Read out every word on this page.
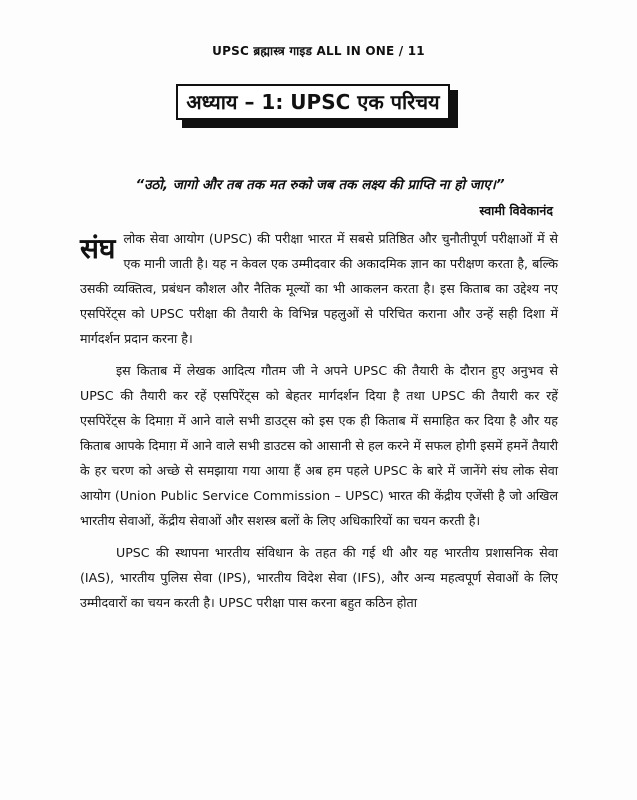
UPSC ब्रह्मास्त्र गाइड ALL IN ONE / 11
अध्याय – 1: UPSC एक परिचय
“उठो, जागो और तब तक मत रुको जब तक लक्ष्य की प्राप्ति ना हो जाए।”
स्वामी विवेकानंद

संघ लोक सेवा आयोग (UPSC) की परीक्षा भारत में सबसे प्रतिष्ठित और चुनौतीपूर्ण परीक्षाओं में से एक मानी जाती है। यह न केवल एक उम्मीदवार की अकादमिक ज्ञान का परीक्षण करता है, बल्कि उसकी व्यक्तित्व, प्रबंधन कौशल और नैतिक मूल्यों का भी आकलन करता है। इस किताब का उद्देश्य नए एसपिरेंट्स को UPSC परीक्षा की तैयारी के विभिन्न पहलुओं से परिचित कराना और उन्हें सही दिशा में मार्गदर्शन प्रदान करना है।

इस किताब में लेखक आदित्य गौतम जी ने अपने UPSC की तैयारी के दौरान हुए अनुभव से UPSC की तैयारी कर रहें एसपिरेंट्स को बेहतर मार्गदर्शन दिया है तथा UPSC की तैयारी कर रहें एसपिरेंट्स के दिमाग़ में आने वाले सभी डाउट्स को इस एक ही किताब में समाहित कर दिया है और यह किताब आपके दिमाग़ में आने वाले सभी डाउटस को आसानी से हल करने में सफल होगी इसमें हमनें तैयारी के हर चरण को अच्छे से समझाया गया आया हैं अब हम पहले UPSC के बारे में जानेंगे संघ लोक सेवा आयोग (Union Public Service Commission – UPSC) भारत की केंद्रीय एजेंसी है जो अखिल भारतीय सेवाओं, केंद्रीय सेवाओं और सशस्त्र बलों के लिए अधिकारियों का चयन करती है।

UPSC की स्थापना भारतीय संविधान के तहत की गई थी और यह भारतीय प्रशासनिक सेवा (IAS), भारतीय पुलिस सेवा (IPS), भारतीय विदेश सेवा (IFS), और अन्य महत्वपूर्ण सेवाओं के लिए उम्मीदवारों का चयन करती है। UPSC परीक्षा पास करना बहुत कठिन होता
